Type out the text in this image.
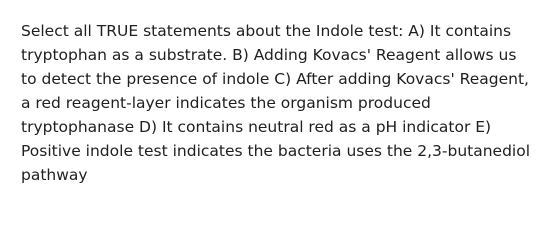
Select all TRUE statements about the Indole test: A) It contains
tryptophan as a substrate. B) Adding Kovacs' Reagent allows us
to detect the presence of indole C) After adding Kovacs' Reagent,
a red reagent-layer indicates the organism produced
tryptophanase D) It contains neutral red as a pH indicator E)
Positive indole test indicates the bacteria uses the 2,3-butanediol
pathway
